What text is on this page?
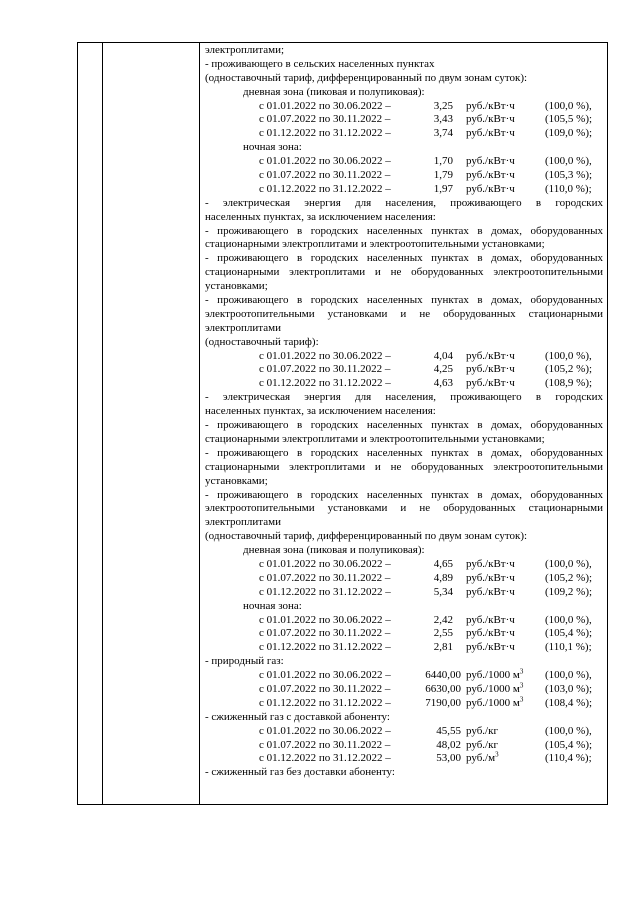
электроплитами;
- проживающего в сельских населенных пунктах
(одноставочный тариф, дифференцированный по двум зонам суток):
дневная зона (пиковая и полупиковая):
с 01.01.2022 по 30.06.2022 –	3,25 руб./кВт·ч	(100,0 %),
с 01.07.2022 по 30.11.2022 –	3,43 руб./кВт·ч	(105,5 %);
с 01.12.2022 по 31.12.2022 –	3,74 руб./кВт·ч	(109,0 %);
ночная зона:
с 01.01.2022 по 30.06.2022 –	1,70 руб./кВт·ч	(100,0 %),
с 01.07.2022 по 30.11.2022 –	1,79 руб./кВт·ч	(105,3 %);
с 01.12.2022 по 31.12.2022 –	1,97 руб./кВт·ч	(110,0 %);
- электрическая энергия для населения, проживающего в городских
населенных пунктах, за исключением населения:
- проживающего в городских населенных пунктах в домах, оборудованных
стационарными электроплитами и электроотопительными установками;
- проживающего в городских населенных пунктах в домах, оборудованных
стационарными электроплитами и не оборудованных электроотопительными
установками;
- проживающего в городских населенных пунктах в домах, оборудованных
электроотопительными установками и не оборудованных стационарными
электроплитами
(одноставочный тариф):
с 01.01.2022 по 30.06.2022 –	4,04 руб./кВт·ч	(100,0 %),
с 01.07.2022 по 30.11.2022 –	4,25 руб./кВт·ч	(105,2 %);
с 01.12.2022 по 31.12.2022 –	4,63 руб./кВт·ч	(108,9 %);
- электрическая энергия для населения, проживающего в городских
населенных пунктах, за исключением населения:
- проживающего в городских населенных пунктах в домах, оборудованных
стационарными электроплитами и электроотопительными установками;
- проживающего в городских населенных пунктах в домах, оборудованных
стационарными электроплитами и не оборудованных электроотопительными
установками;
- проживающего в городских населенных пунктах в домах, оборудованных
электроотопительными установками и не оборудованных стационарными
электроплитами
(одноставочный тариф, дифференцированный по двум зонам суток):
дневная зона (пиковая и полупиковая):
с 01.01.2022 по 30.06.2022 –	4,65 руб./кВт·ч	(100,0 %),
с 01.07.2022 по 30.11.2022 –	4,89 руб./кВт·ч	(105,2 %);
с 01.12.2022 по 31.12.2022 –	5,34 руб./кВт·ч	(109,2 %);
ночная зона:
с 01.01.2022 по 30.06.2022 –	2,42 руб./кВт·ч	(100,0 %),
с 01.07.2022 по 30.11.2022 –	2,55 руб./кВт·ч	(105,4 %);
с 01.12.2022 по 31.12.2022 –	2,81 руб./кВт·ч	(110,1 %);
- природный газ:
с 01.01.2022 по 30.06.2022 –	6440,00 руб./1000 $м^3$ (100,0 %),
с 01.07.2022 по 30.11.2022 –	6630,00 руб./1000 $м^3$ (103,0 %);
с 01.12.2022 по 31.12.2022 –	7190,00 руб./1000 $м^3$ (108,4 %);
- сжиженный газ с доставкой абоненту:
с 01.01.2022 по 30.06.2022 –	45,55 руб./кг	(100,0 %),
с 01.07.2022 по 30.11.2022 –	48,02 руб./кг	(105,4 %);
с 01.12.2022 по 31.12.2022 –	53,00 $руб./м^3$	(110,4 %);
- сжиженный газ без доставки абоненту:
